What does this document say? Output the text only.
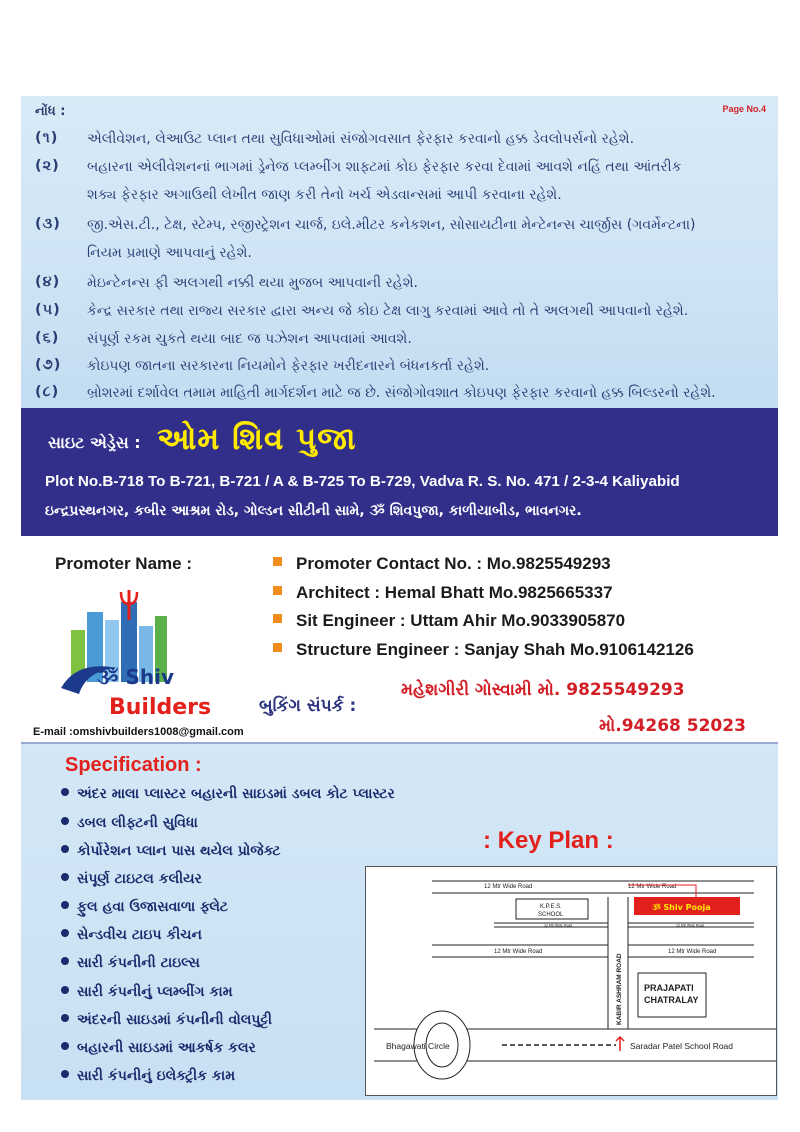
નોંધ :	Page No.4
(૧) એલીવેશન, લેઆઉટ પ્લાન તથા સુવિધાઓમાં સંજોગવસાત ફેરફાર કરવાનો હક્ક ડેવલોપર્સનો રહેશે.
(૨) બહારના એલીવેશનનાં ભાગમાં ડ્રેનેજ પ્લમ્બીંગ શાફ્ટમાં કોઇ ફેરફાર કરવા દેવામાં આવશે નહિં તથા આંતરીક
શક્ય ફેરફાર અગાઉથી લેખીત જાણ કરી તેનો ખર્ચ એડવાન્સમાં આપી કરવાના રહેશે.
(૩) જી.એસ.ટી., ટેક્ષ, સ્ટેમ્પ, રજીસ્ટ્રેશન ચાર્જ, ઇલે.મીટર કનેકશન, સોસાયટીના મેન્ટેનન્સ ચાર્જીસ (ગવર્મેન્ટના)
નિયમ પ્રમાણે આપવાનું રહેશે.
(૪) મેઇન્ટેનન્સ ફી અલગથી નક્કી થયા મુજબ આપવાની રહેશે.
(૫) કેન્દ્ર સરકાર તથા રાજ્ય સરકાર દ્વારા અન્ય જે કોઇ ટેક્ષ લાગુ કરવામાં આવે તો તે અલગથી આપવાનો રહેશે.
(૬) સંપૂર્ણ રકમ ચુકતે થયા બાદ જ પઝેશન આપવામાં આવશે.
(૭) કોઇપણ જાતના સરકારના નિયમોને ફેરફાર ખરીદનારને બંધનકર્તા રહેશે.
(૮) બ્રોશરમાં દર્શાવેલ તમામ માહિતી માર્ગદર્શન માટે જ છે. સંજોગોવશાત કોઇપણ ફેરફાર કરવાનો હક્ક બિલ્ડરનો રહેશે.
સાઇટ એડ્રેસ : ઓમ શિવ પુજા
Plot No.B-718 To B-721, B-721 / A & B-725 To B-729, Vadva R. S. No. 471 / 2-3-4 Kaliyabid
ઇન્દ્રપ્રસ્થનગર, કબીર આશ્રમ રોડ, ગોલ્ડન સીટીની સામે, ૐ શિવપુજા, કાળીયાબીડ, ભાવનગર.
Promoter Name :	Promoter Contact No. : Mo.9825549293
Architect : Hemal Bhatt Mo.9825665337
Sit Engineer : Uttam Ahir Mo.9033905870
Structure Engineer : Sanjay Shah Mo.9106142126
ૐ Shiv
Builders
E-mail :omshivbuilders1008@gmail.com
બુકિંગ સંપર્ક :
મહેશગીરી ગોસ્વામી મો. 9825549293
મો.94268 52023
Specification :
અંદર માલા પ્લાસ્ટર બહારની સાઇડમાં ડબલ કોટ પ્લાસ્ટર
ડબલ લીફ્ટની સુવિધા
કોર્પોરેશન પ્લાન પાસ થયેલ પ્રોજેક્ટ
સંપૂર્ણ ટાઇટલ કલીયર
ફુલ હવા ઉજાસવાળા ફ્લેટ
સેન્ડવીચ ટાઇપ કીચન
સારી કંપનીની ટાઇલ્સ
સારી કંપનીનું પ્લમ્બીંગ કામ
અંદરની સાઇડમાં કંપનીની વોલપુટ્ટી
બહારની સાઇડમાં આકર્ષક કલર
સારી કંપનીનું ઇલેક્ટ્રીક કામ
: Key Plan :
12 Mtr Wide Road	12 Mtr Wide Road
K.P.E.S.
SCHOOL
12 Mtr Wide Road	12 Mtr Wide Road
ૐ Shiv Pooja
12 Mtr Wide Road	12 Mtr Wide Road
KABIR ASHRAM ROAD PRAJAPATI
CHATRALAY
Bhagawati Circle	Saradar Patel School Road
